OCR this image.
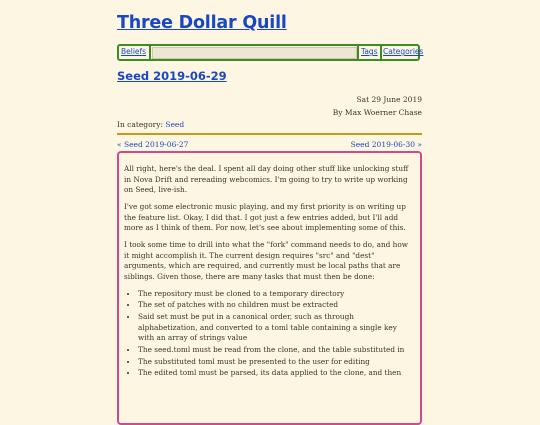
Three Dollar Quill
Beliefs	Tags Categories
Seed 2019-06-29
Sat 29 June 2019
By Max Woerner Chase
In category: Seed
« Seed 2019-06-27	Seed 2019-06-30 »

All right, here's the deal. I spent all day doing other stuff like unlocking stuff in Nova Drift and rereading webcomics. I'm going to try to write up working on Seed, live-ish.

I've got some electronic music playing, and my first priority is on writing up the feature list. Okay, I did that. I got just a few entries added, but I'll add more as I think of them. For now, let's see about implementing some of this.

I took some time to drill into what the "fork" command needs to do, and how it might accomplish it. The current design requires "src" and "dest" arguments, which are required, and currently must be local paths that are siblings. Given those, there are many tasks that must then be done:

• The repository must be cloned to a temporary directory
• The set of patches with no children must be extracted
• Said set must be put in a canonical order, such as through alphabetization, and converted to a toml table containing a single key with an array of strings value
• The seed.toml must be read from the clone, and the table substituted in
• The substituted toml must be presented to the user for editing
• The edited toml must be parsed, its data applied to the clone, and then
